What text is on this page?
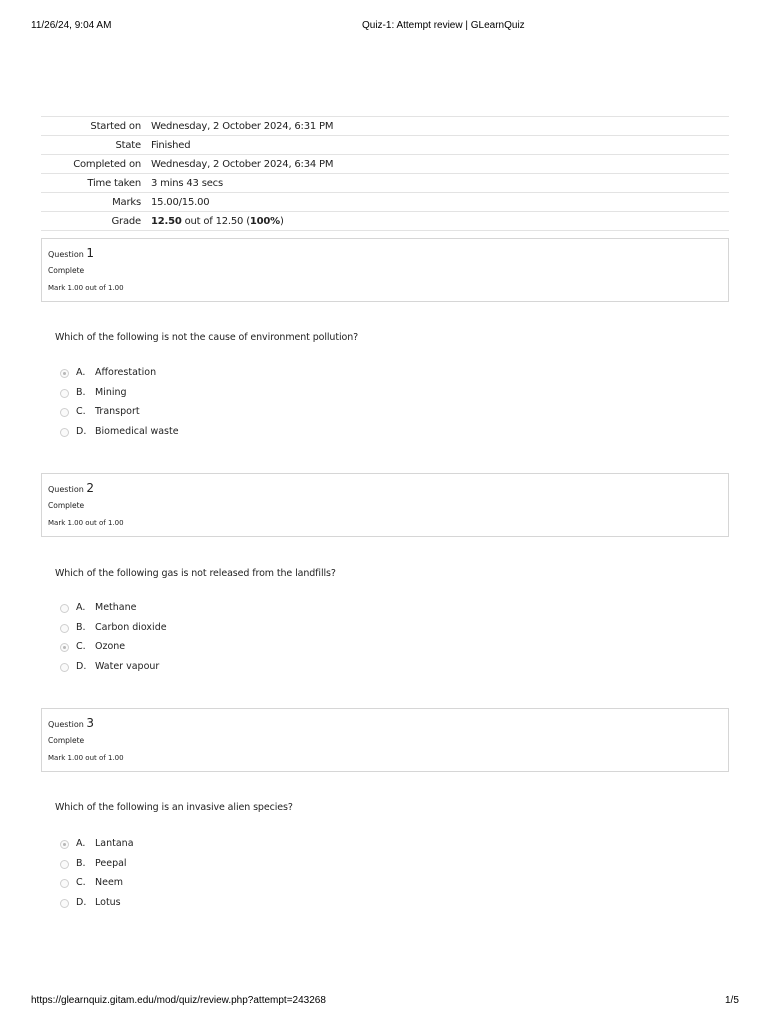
11/26/24, 9:04 AM	Quiz-1: Attempt review | GLearnQuiz
Started on	Wednesday, 2 October 2024, 6:31 PM
State	Finished
Completed on	Wednesday, 2 October 2024, 6:34 PM
Time taken	3 mins 43 secs
Marks	15.00/15.00
Grade	12.50 out of 12.50 (100%)
Question 1
Complete
Mark 1.00 out of 1.00
Which of the following is not the cause of environment pollution?
A. Afforestation
B. Mining
C. Transport
D. Biomedical waste
Question 2
Complete
Mark 1.00 out of 1.00
Which of the following gas is not released from the landfills?
A. Methane
B. Carbon dioxide
C. Ozone
D. Water vapour
Question 3
Complete
Mark 1.00 out of 1.00
Which of the following is an invasive alien species?
A. Lantana
B. Peepal
C. Neem
D. Lotus
https://glearnquiz.gitam.edu/mod/quiz/review.php?attempt=243268	1/5
